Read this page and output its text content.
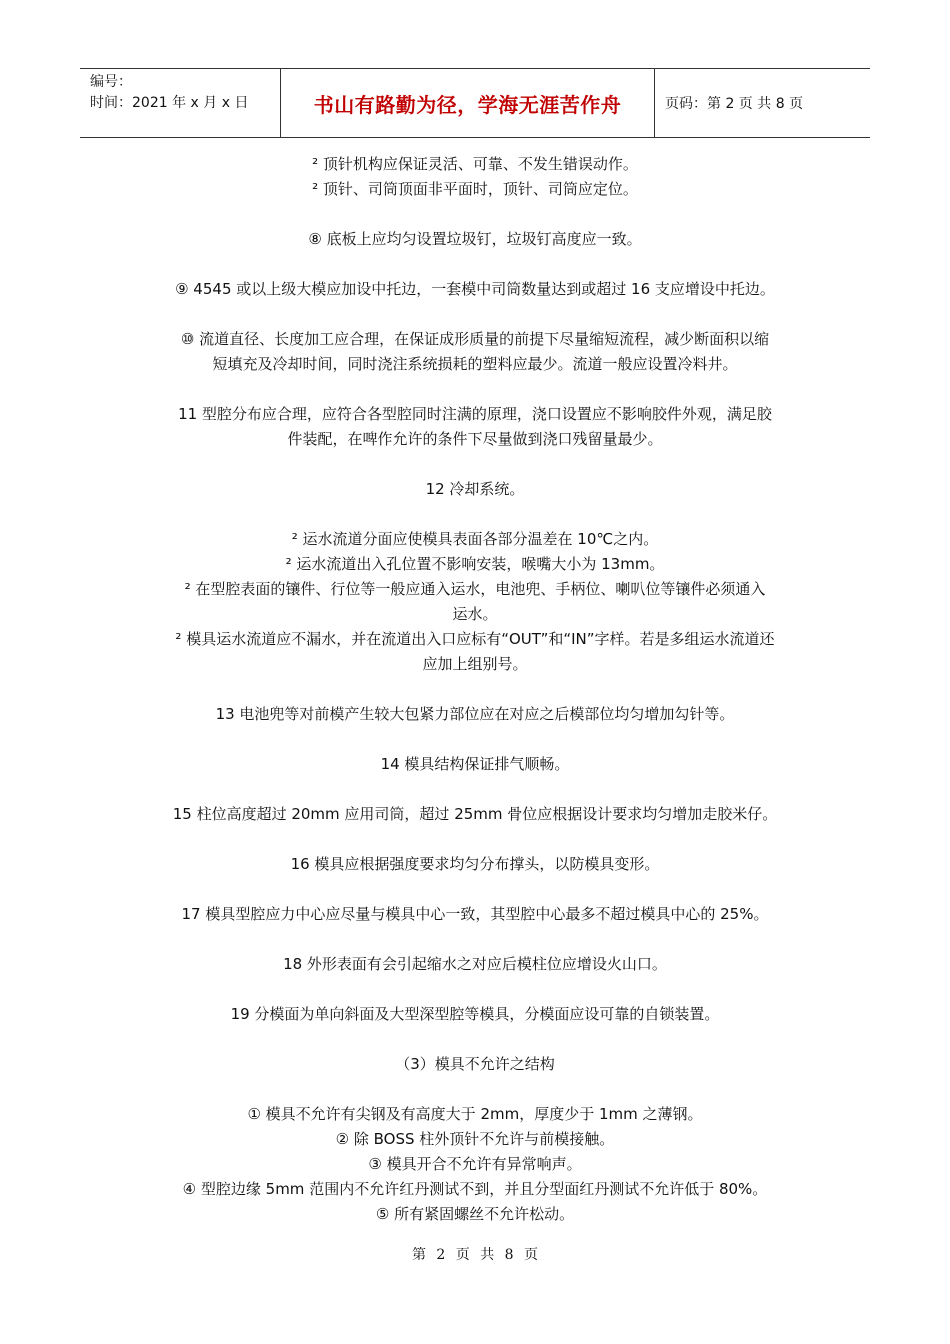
编号：
时间：2021 年 x 月 x 日	书山有路勤为径，学海无涯苦作舟	页码：第 2 页 共 8 页
² 顶针机构应保证灵活、可靠、不发生错误动作。
² 顶针、司筒顶面非平面时，顶针、司筒应定位。
⑧ 底板上应均匀设置垃圾钉，垃圾钉高度应一致。
⑨ 4545 或以上级大模应加设中托边，一套模中司筒数量达到或超过 16 支应增设中托边。
⑩ 流道直径、长度加工应合理，在保证成形质量的前提下尽量缩短流程，减少断面积以缩
短填充及冷却时间，同时浇注系统损耗的塑料应最少。流道一般应设置冷料井。
11 型腔分布应合理，应符合各型腔同时注满的原理，浇口设置应不影响胶件外观，满足胶
件装配，在啤作允许的条件下尽量做到浇口残留量最少。
12 冷却系统。
² 运水流道分面应使模具表面各部分温差在 10℃之内。
² 运水流道出入孔位置不影响安装，喉嘴大小为 13mm。
² 在型腔表面的镶件、行位等一般应通入运水，电池兜、手柄位、喇叭位等镶件必须通入
运水。
² 模具运水流道应不漏水，并在流道出入口应标有“OUT”和“IN”字样。若是多组运水流道还
应加上组别号。
13 电池兜等对前模产生较大包紧力部位应在对应之后模部位均匀增加勾针等。
14 模具结构保证排气顺畅。
15 柱位高度超过 20mm 应用司筒，超过 25mm 骨位应根据设计要求均匀增加走胶米仔。
16 模具应根据强度要求均匀分布撑头，以防模具变形。
17 模具型腔应力中心应尽量与模具中心一致，其型腔中心最多不超过模具中心的 25%。
18 外形表面有会引起缩水之对应后模柱位应增设火山口。
19 分模面为单向斜面及大型深型腔等模具，分模面应设可靠的自锁装置。
（3）模具不允许之结构
① 模具不允许有尖钢及有高度大于 2mm，厚度少于 1mm 之薄钢。
② 除 BOSS 柱外顶针不允许与前模接触。
③ 模具开合不允许有异常响声。
④ 型腔边缘 5mm 范围内不允许红丹测试不到，并且分型面红丹测试不允许低于 80%。
⑤ 所有紧固螺丝不允许松动。
第 2 页 共 8 页
